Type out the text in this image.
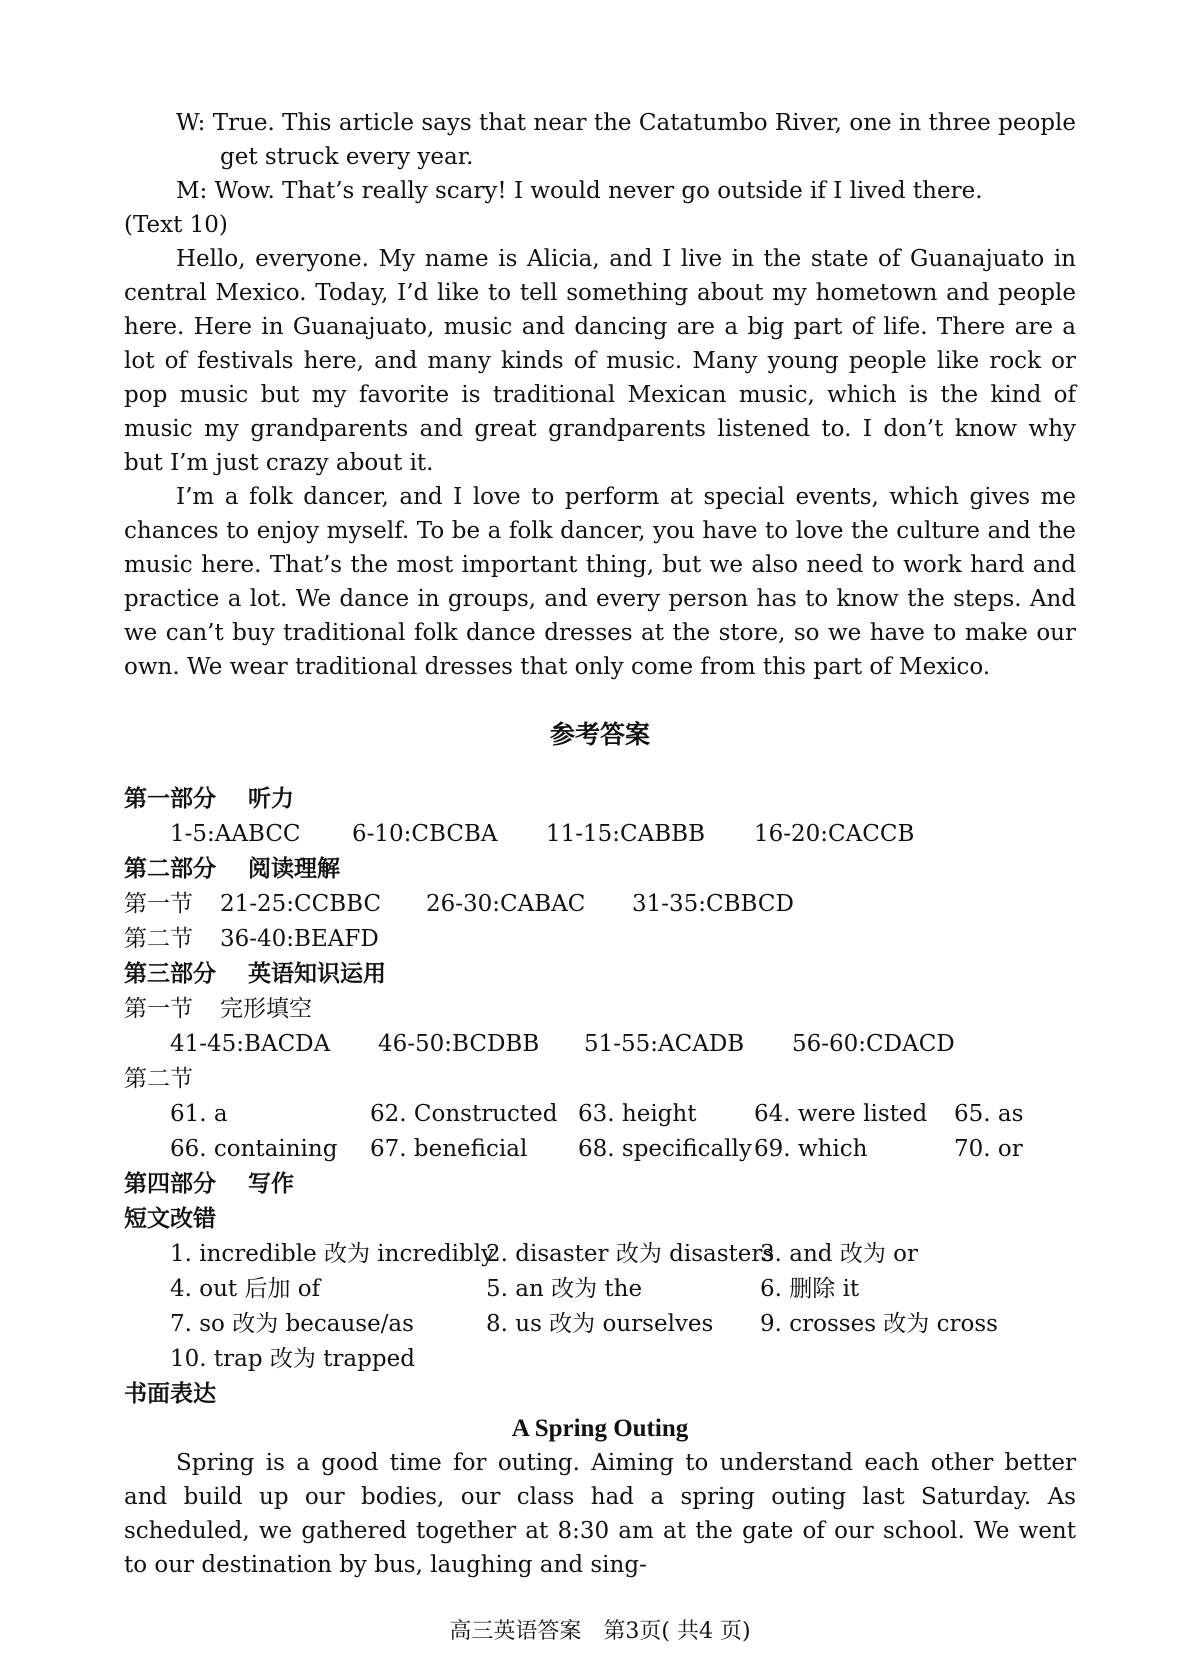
W: True. This article says that near the Catatumbo River, one in three people get struck every year.

M: Wow. That’s really scary! I would never go outside if I lived there.

(Text 10)

Hello, everyone. My name is Alicia, and I live in the state of Guanajuato in central Mexico. Today, I’d like to tell something about my hometown and people here. Here in Guanajuato, music and dancing are a big part of life. There are a lot of festivals here, and many kinds of music. Many young people like rock or pop music but my favorite is traditional Mexican music, which is the kind of music my grandparents and great grandparents listened to. I don’t know why but I’m just crazy about it.

I’m a folk dancer, and I love to perform at special events, which gives me chances to enjoy myself. To be a folk dancer, you have to love the culture and the music here. That’s the most important thing, but we also need to work hard and practice a lot. We dance in groups, and every person has to know the steps. And we can’t buy traditional folk dance dresses at the store, so we have to make our own. We wear traditional dresses that only come from this part of Mexico.

参考答案

第一部分 听力
1-5:AABCC 6-10:CBCBA 11-15:CABBB 16-20:CACCB
第二部分 阅读理解
第一节 21-25:CCBBC 26-30:CABAC 31-35:CBBCD
第二节 36-40:BEAFD
第三部分 英语知识运用
第一节 完形填空
41-45:BACDA 46-50:BCDBB 51-55:ACADB 56-60:CDACD
第二节
61. a	62. Constructed 63. height	64. were listed 65. as
66. containing 67. beneficial 68. specifically 69. which	70. or
第四部分 写作
短文改错
1. incredible 改为 incredibly
2. disaster 改为 disasters
3. and 改为 or
4. out 后加 of	5. an 改为 the	6. 删除 it
7. so 改为 because/as	8. us 改为 ourselves 9. crosses 改为 cross
10. trap 改为 trapped
书面表达

A Spring Outing

Spring is a good time for outing. Aiming to understand each other better and build up our bodies, our class had a spring outing last Saturday. As scheduled, we gathered together at 8:30 am at the gate of our school. We went to our destination by bus, laughing and sing-

高三英语答案　第3页( 共4 页)
